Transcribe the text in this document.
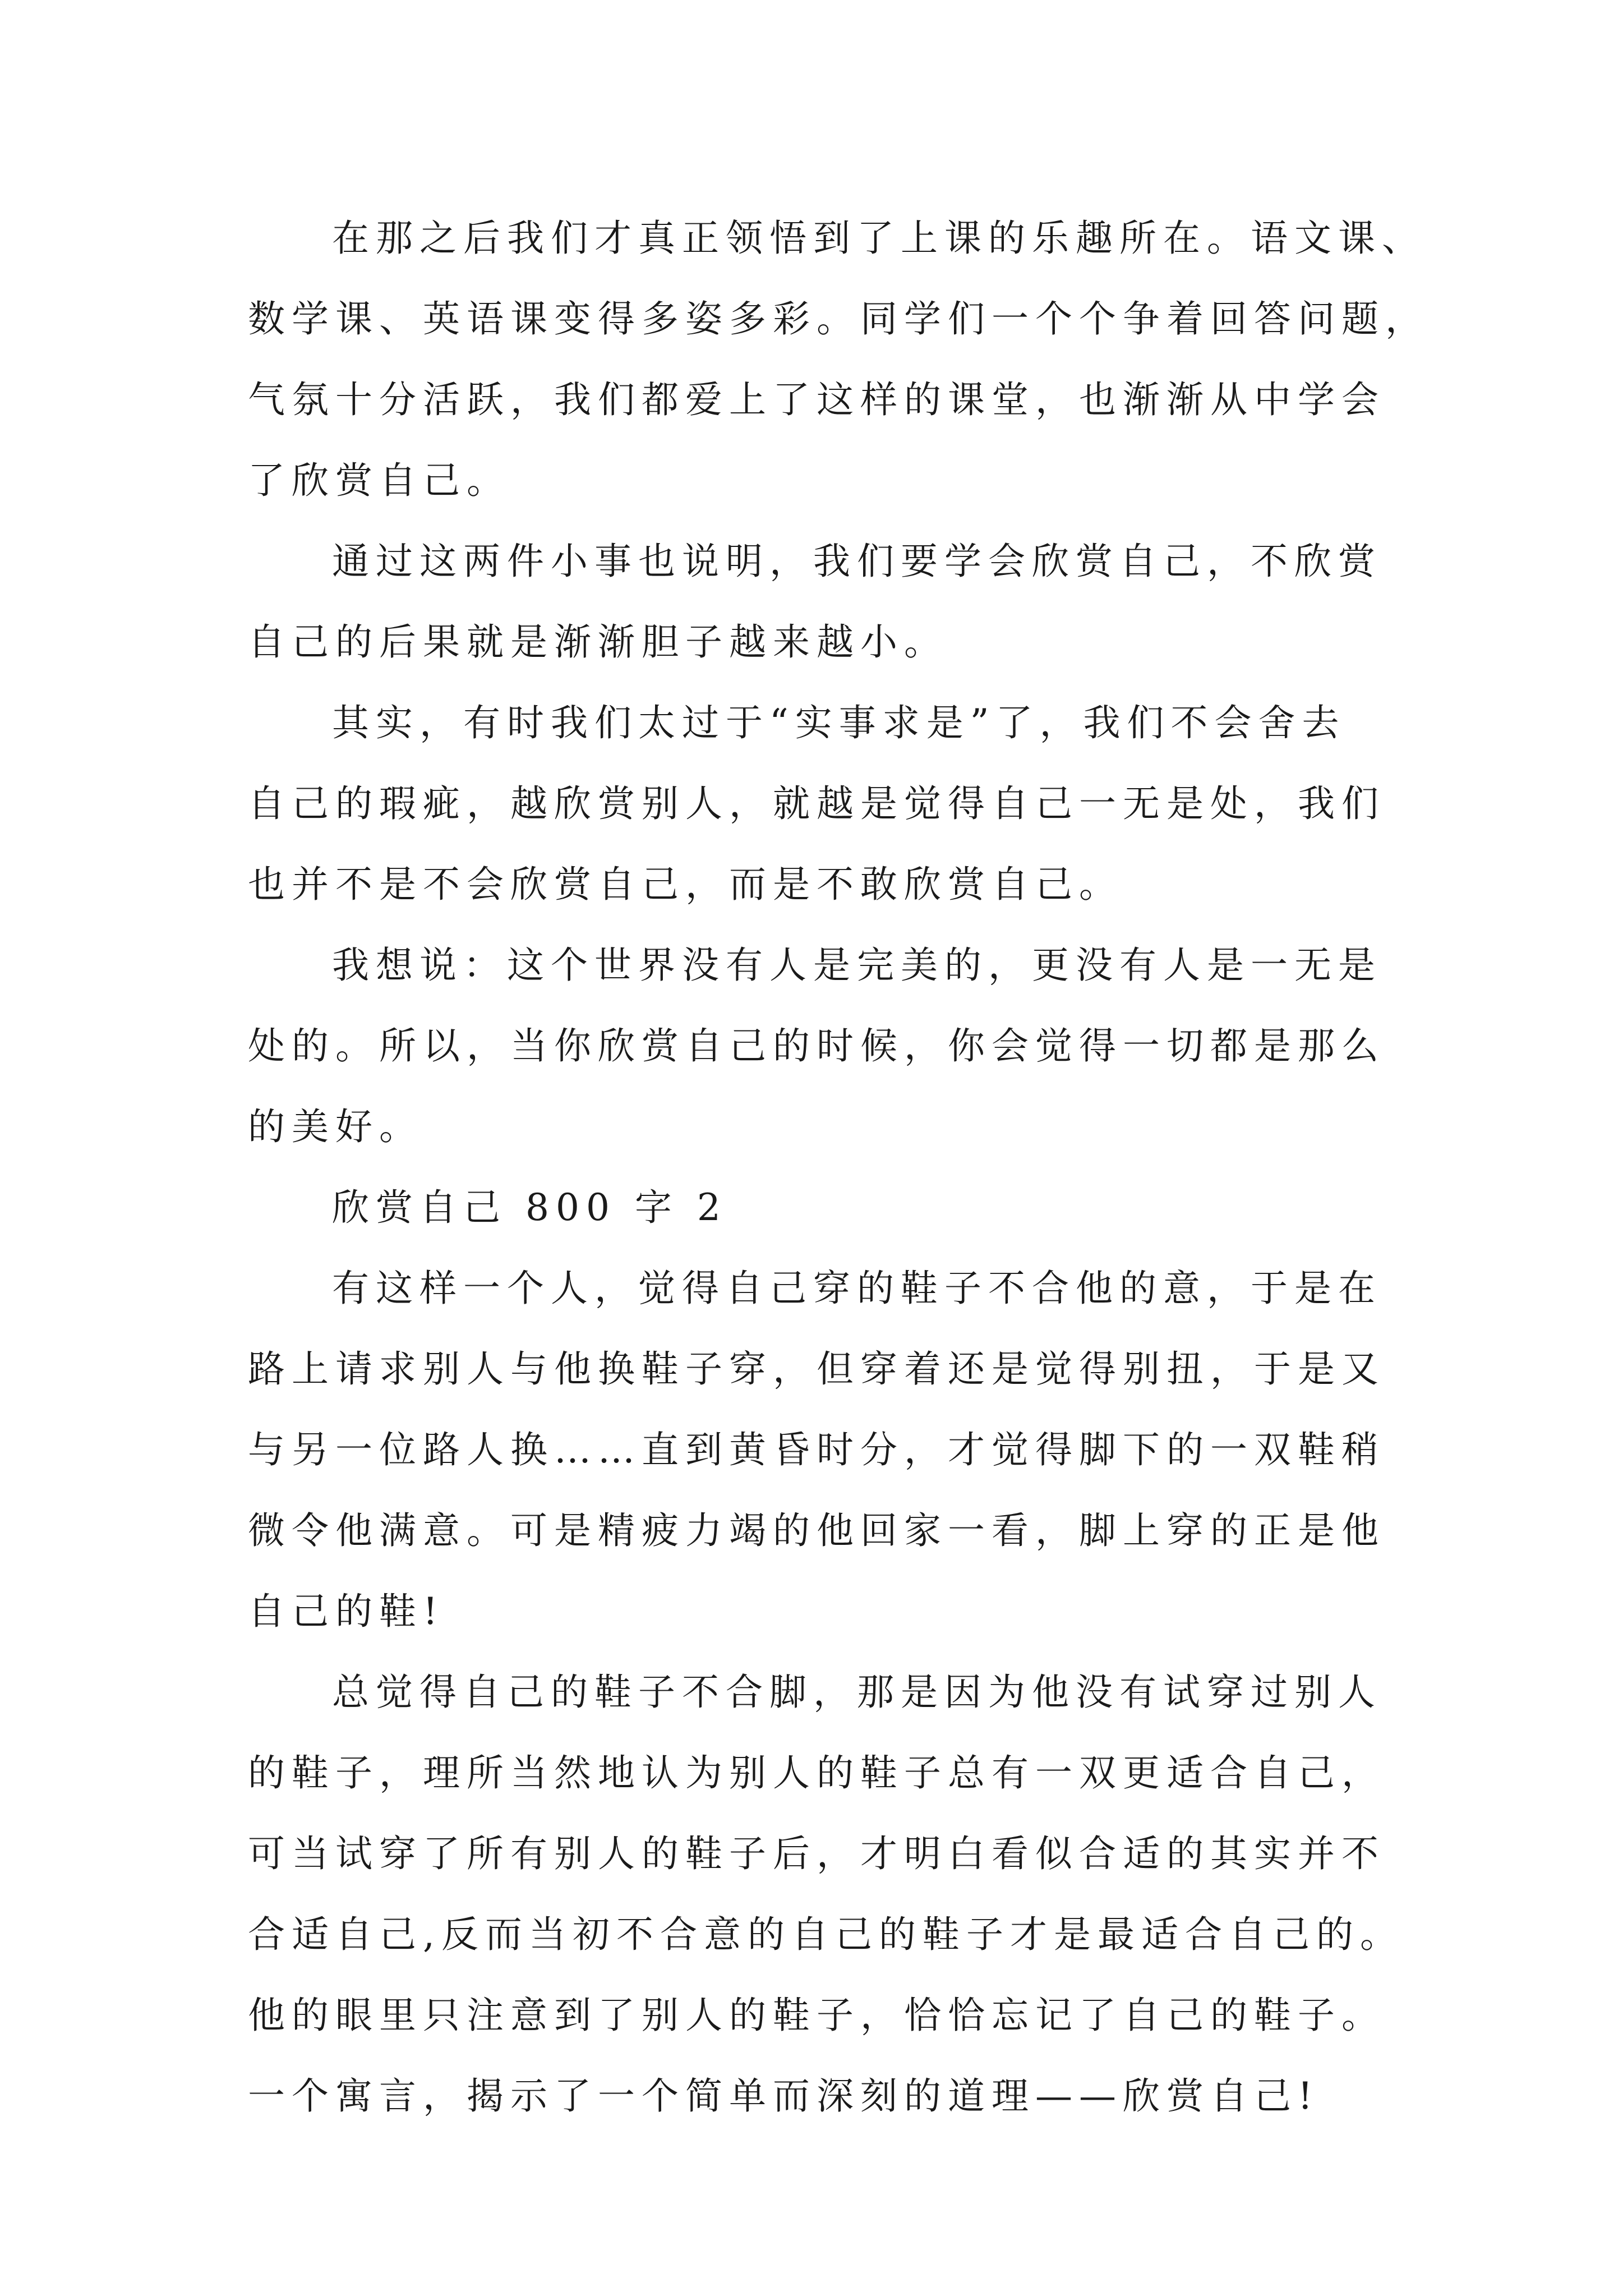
在那之后我们才真正领悟到了上课的乐趣所在。语文课、
数学课、英语课变得多姿多彩。同学们一个个争着回答问题，
气氛十分活跃，我们都爱上了这样的课堂，也渐渐从中学会
了欣赏自己。
通过这两件小事也说明，我们要学会欣赏自己，不欣赏
自己的后果就是渐渐胆子越来越小。
其实，有时我们太过于“实事求是”了，我们不会舍去
自己的瑕疵，越欣赏别人，就越是觉得自己一无是处，我们
也并不是不会欣赏自己，而是不敢欣赏自己。
我想说：这个世界没有人是完美的，更没有人是一无是
处的。所以，当你欣赏自己的时候，你会觉得一切都是那么
的美好。
欣赏自己 800 字 2
有这样一个人，觉得自己穿的鞋子不合他的意，于是在
路上请求别人与他换鞋子穿，但穿着还是觉得别扭，于是又
与另一位路人换……直到黄昏时分，才觉得脚下的一双鞋稍
微令他满意。可是精疲力竭的他回家一看，脚上穿的正是他
自己的鞋!
总觉得自己的鞋子不合脚，那是因为他没有试穿过别人
的鞋子，理所当然地认为别人的鞋子总有一双更适合自己，
可当试穿了所有别人的鞋子后，才明白看似合适的其实并不
合适自己,反而当初不合意的自己的鞋子才是最适合自己的。
他的眼里只注意到了别人的鞋子，恰恰忘记了自己的鞋子。
一个寓言，揭示了一个简单而深刻的道理——欣赏自己!
